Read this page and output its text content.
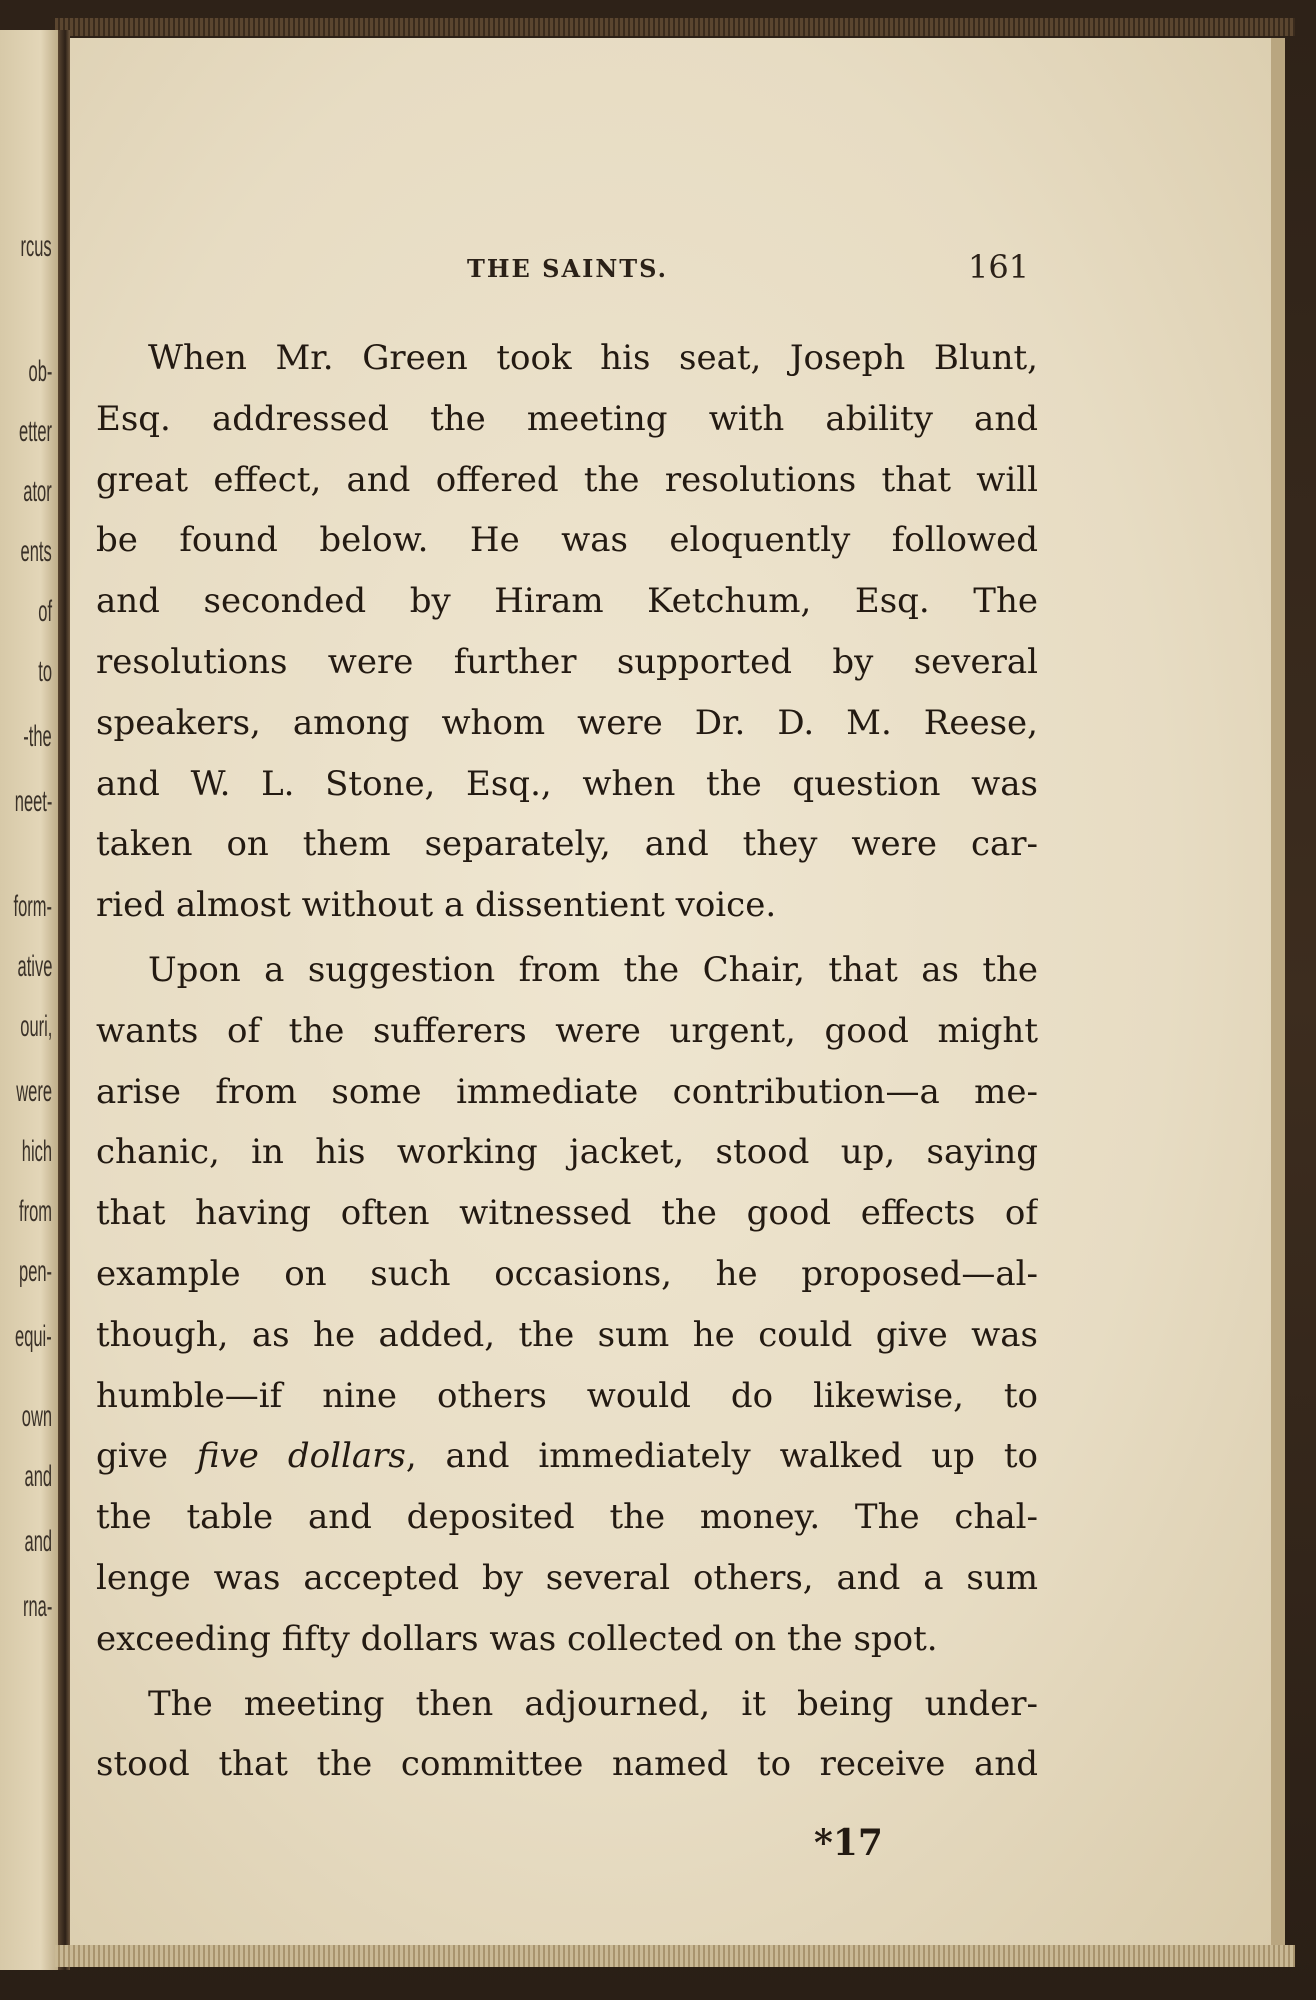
rcus
ob-
etter
ator
ents
of
to
-the
neet-
form-
ative
ouri,
were
hich
from
pen-
equi-
own
and
and
rna-
THE SAINTS.	161
When Mr. Green took his seat, Joseph Blunt,
Esq. addressed the meeting with ability and
great effect, and offered the resolutions that will
be found below. He was eloquently followed
and seconded by Hiram Ketchum, Esq. The
resolutions were further supported by several
speakers, among whom were Dr. D. M. Reese,
and W. L. Stone, Esq., when the question was
taken on them separately, and they were car-
ried almost without a dissentient voice.
Upon a suggestion from the Chair, that as the
wants of the sufferers were urgent, good might
arise from some immediate contribution—a me-
chanic, in his working jacket, stood up, saying
that having often witnessed the good effects of
example on such occasions, he proposed—al-
though, as he added, the sum he could give was
humble—if nine others would do likewise, to
give five dollars, and immediately walked up to
the table and deposited the money. The chal-
lenge was accepted by several others, and a sum
exceeding fifty dollars was collected on the spot.
The meeting then adjourned, it being under-
stood that the committee named to receive and
*17
